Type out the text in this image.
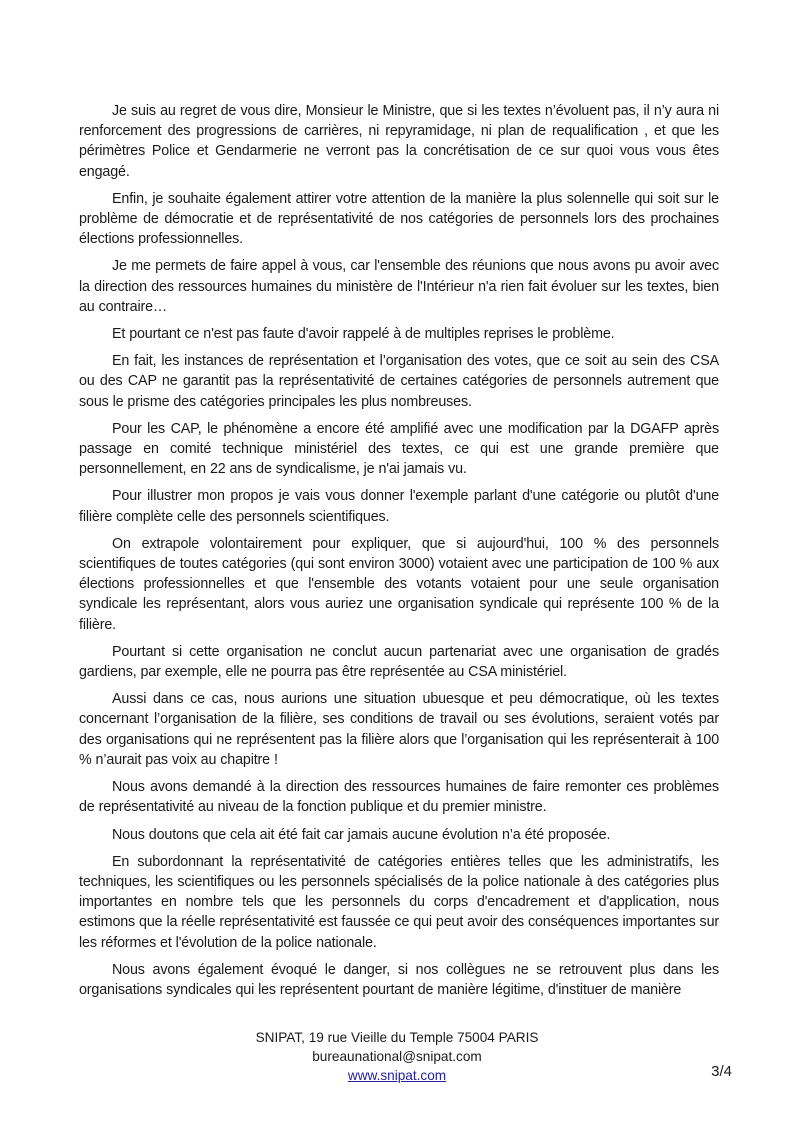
Je suis au regret de vous dire, Monsieur le Ministre, que si les textes n’évoluent pas, il n’y aura ni renforcement des progressions de carrières, ni repyramidage, ni plan de requalification , et que les périmètres Police et Gendarmerie ne verront pas la concrétisation de ce sur quoi vous vous êtes engagé.

Enfin, je souhaite également attirer votre attention de la manière la plus solennelle qui soit sur le problème de démocratie et de représentativité de nos catégories de personnels lors des prochaines élections professionnelles.

Je me permets de faire appel à vous, car l'ensemble des réunions que nous avons pu avoir avec la direction des ressources humaines du ministère de l'Intérieur n'a rien fait évoluer sur les textes, bien au contraire…

Et pourtant ce n'est pas faute d'avoir rappelé à de multiples reprises le problème.

En fait, les instances de représentation et l’organisation des votes, que ce soit au sein des CSA ou des CAP ne garantit pas la représentativité de certaines catégories de personnels autrement que sous le prisme des catégories principales les plus nombreuses.

Pour les CAP, le phénomène a encore été amplifié avec une modification par la DGAFP après passage en comité technique ministériel des textes, ce qui est une grande première que personnellement, en 22 ans de syndicalisme, je n'ai jamais vu.

Pour illustrer mon propos je vais vous donner l'exemple parlant d'une catégorie ou plutôt d'une filière complète celle des personnels scientifiques.

On extrapole volontairement pour expliquer, que si aujourd'hui, 100 % des personnels scientifiques de toutes catégories (qui sont environ 3000) votaient avec une participation de 100 % aux élections professionnelles et que l'ensemble des votants votaient pour une seule organisation syndicale les représentant, alors vous auriez une organisation syndicale qui représente 100 % de la filière.

Pourtant si cette organisation ne conclut aucun partenariat avec une organisation de gradés gardiens, par exemple, elle ne pourra pas être représentée au CSA ministériel.

Aussi dans ce cas, nous aurions une situation ubuesque et peu démocratique, où les textes concernant l’organisation de la filière, ses conditions de travail ou ses évolutions, seraient votés par des organisations qui ne représentent pas la filière alors que l’organisation qui les représenterait à 100 % n’aurait pas voix au chapitre !

Nous avons demandé à la direction des ressources humaines de faire remonter ces problèmes de représentativité au niveau de la fonction publique et du premier ministre.

Nous doutons que cela ait été fait car jamais aucune évolution n’a été proposée.

En subordonnant la représentativité de catégories entières telles que les administratifs, les techniques, les scientifiques ou les personnels spécialisés de la police nationale à des catégories plus importantes en nombre tels que les personnels du corps d'encadrement et d'application, nous estimons que la réelle représentativité est faussée ce qui peut avoir des conséquences importantes sur les réformes et l'évolution de la police nationale.

Nous avons également évoqué le danger, si nos collègues ne se retrouvent plus dans les organisations syndicales qui les représentent pourtant de manière légitime, d'instituer de manière

SNIPAT, 19 rue Vieille du Temple 75004 PARIS
bureaunational@snipat.com
www.snipat.com	3/4
